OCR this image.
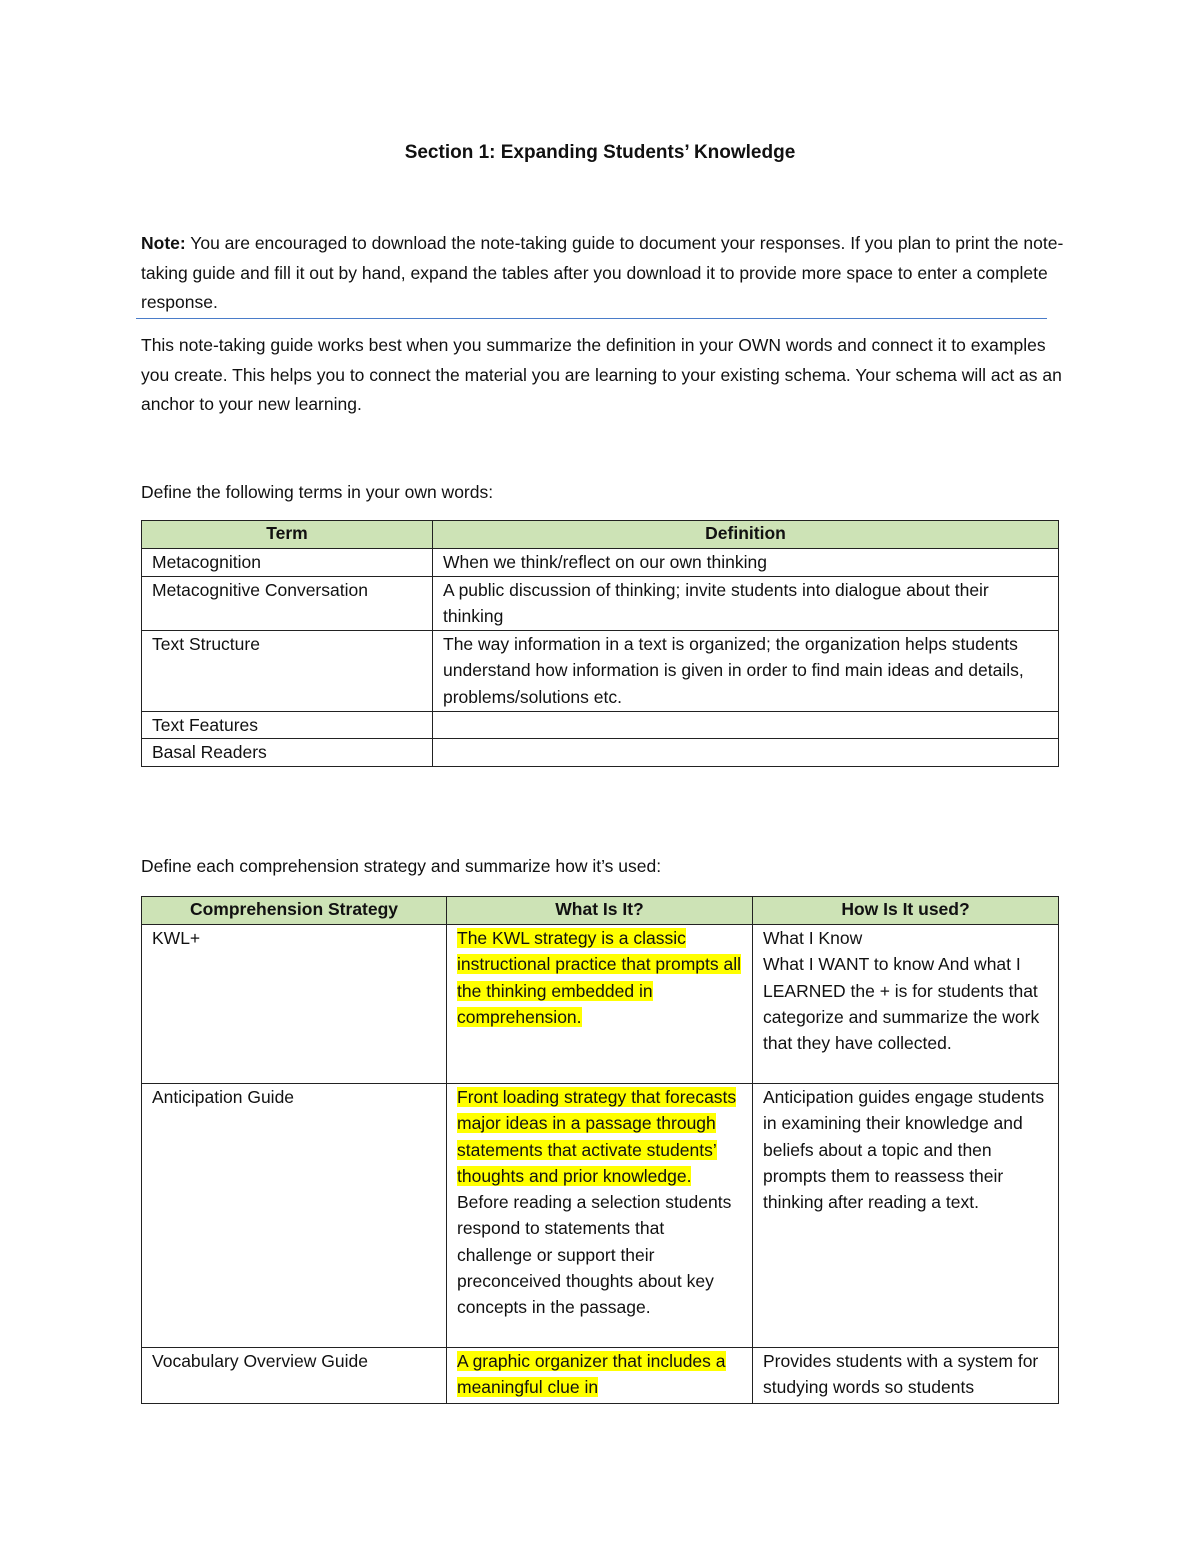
Section 1: Expanding Students’ Knowledge

Note: You are encouraged to download the note-taking guide to document your responses. If you plan to print the note-taking guide and fill it out by hand, expand the tables after you download it to provide more space to enter a complete response.

This note-taking guide works best when you summarize the definition in your OWN words and connect it to examples you create. This helps you to connect the material you are learning to your existing schema. Your schema will act as an anchor to your new learning.

Define the following terms in your own words:

Term	Definition
Metacognition	When we think/reflect on our own thinking
Metacognitive Conversation	A public discussion of thinking; invite students into dialogue about their thinking
Text Structure	The way information in a text is organized; the organization helps students understand how information is given in order to find main ideas and details, problems/solutions etc.
Text Features	
Basal Readers	

Define each comprehension strategy and summarize how it’s used:

Comprehension Strategy	What Is It?	How Is It used?
KWL+	The KWL strategy is a classic instructional practice that prompts all the thinking embedded in comprehension.	What I Know
What I WANT to know And what I LEARNED the + is for students that categorize and summarize the work that they have collected.
Anticipation Guide	Front loading strategy that forecasts major ideas in a passage through statements that activate students’ thoughts and prior knowledge. Before reading a selection students respond to statements that challenge or support their preconceived thoughts about key concepts in the passage.	Anticipation guides engage students in examining their knowledge and beliefs about a topic and then prompts them to reassess their thinking after reading a text.
Vocabulary Overview Guide	A graphic organizer that includes a meaningful clue in	Provides students with a system for studying words so students
